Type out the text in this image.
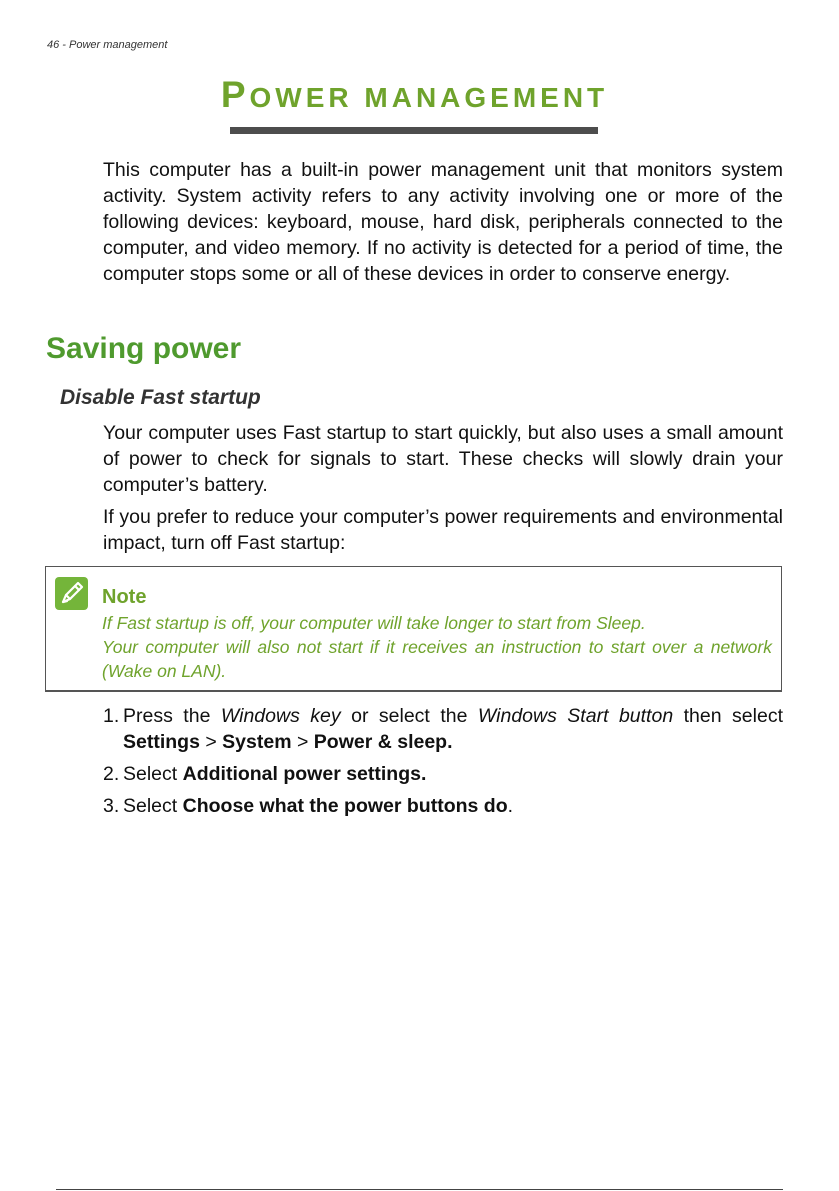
46 - Power management
POWER MANAGEMENT

This computer has a built-in power management unit that monitors system activity. System activity refers to any activity involving one or more of the following devices: keyboard, mouse, hard disk, peripherals connected to the computer, and video memory. If no activity is detected for a period of time, the computer stops some or all of these devices in order to conserve energy.

Saving power
Disable Fast startup

Your computer uses Fast startup to start quickly, but also uses a small amount of power to check for signals to start. These checks will slowly drain your computer’s battery.

If you prefer to reduce your computer’s power requirements and environmental impact, turn off Fast startup:

Note
If Fast startup is off, your computer will take longer to start from Sleep.
Your computer will also not start if it receives an instruction to start over a network (Wake on LAN).
1. Press the Windows key or select the Windows Start button then select Settings > System > Power & sleep.
2. Select Additional power settings.
3. Select Choose what the power buttons do.
